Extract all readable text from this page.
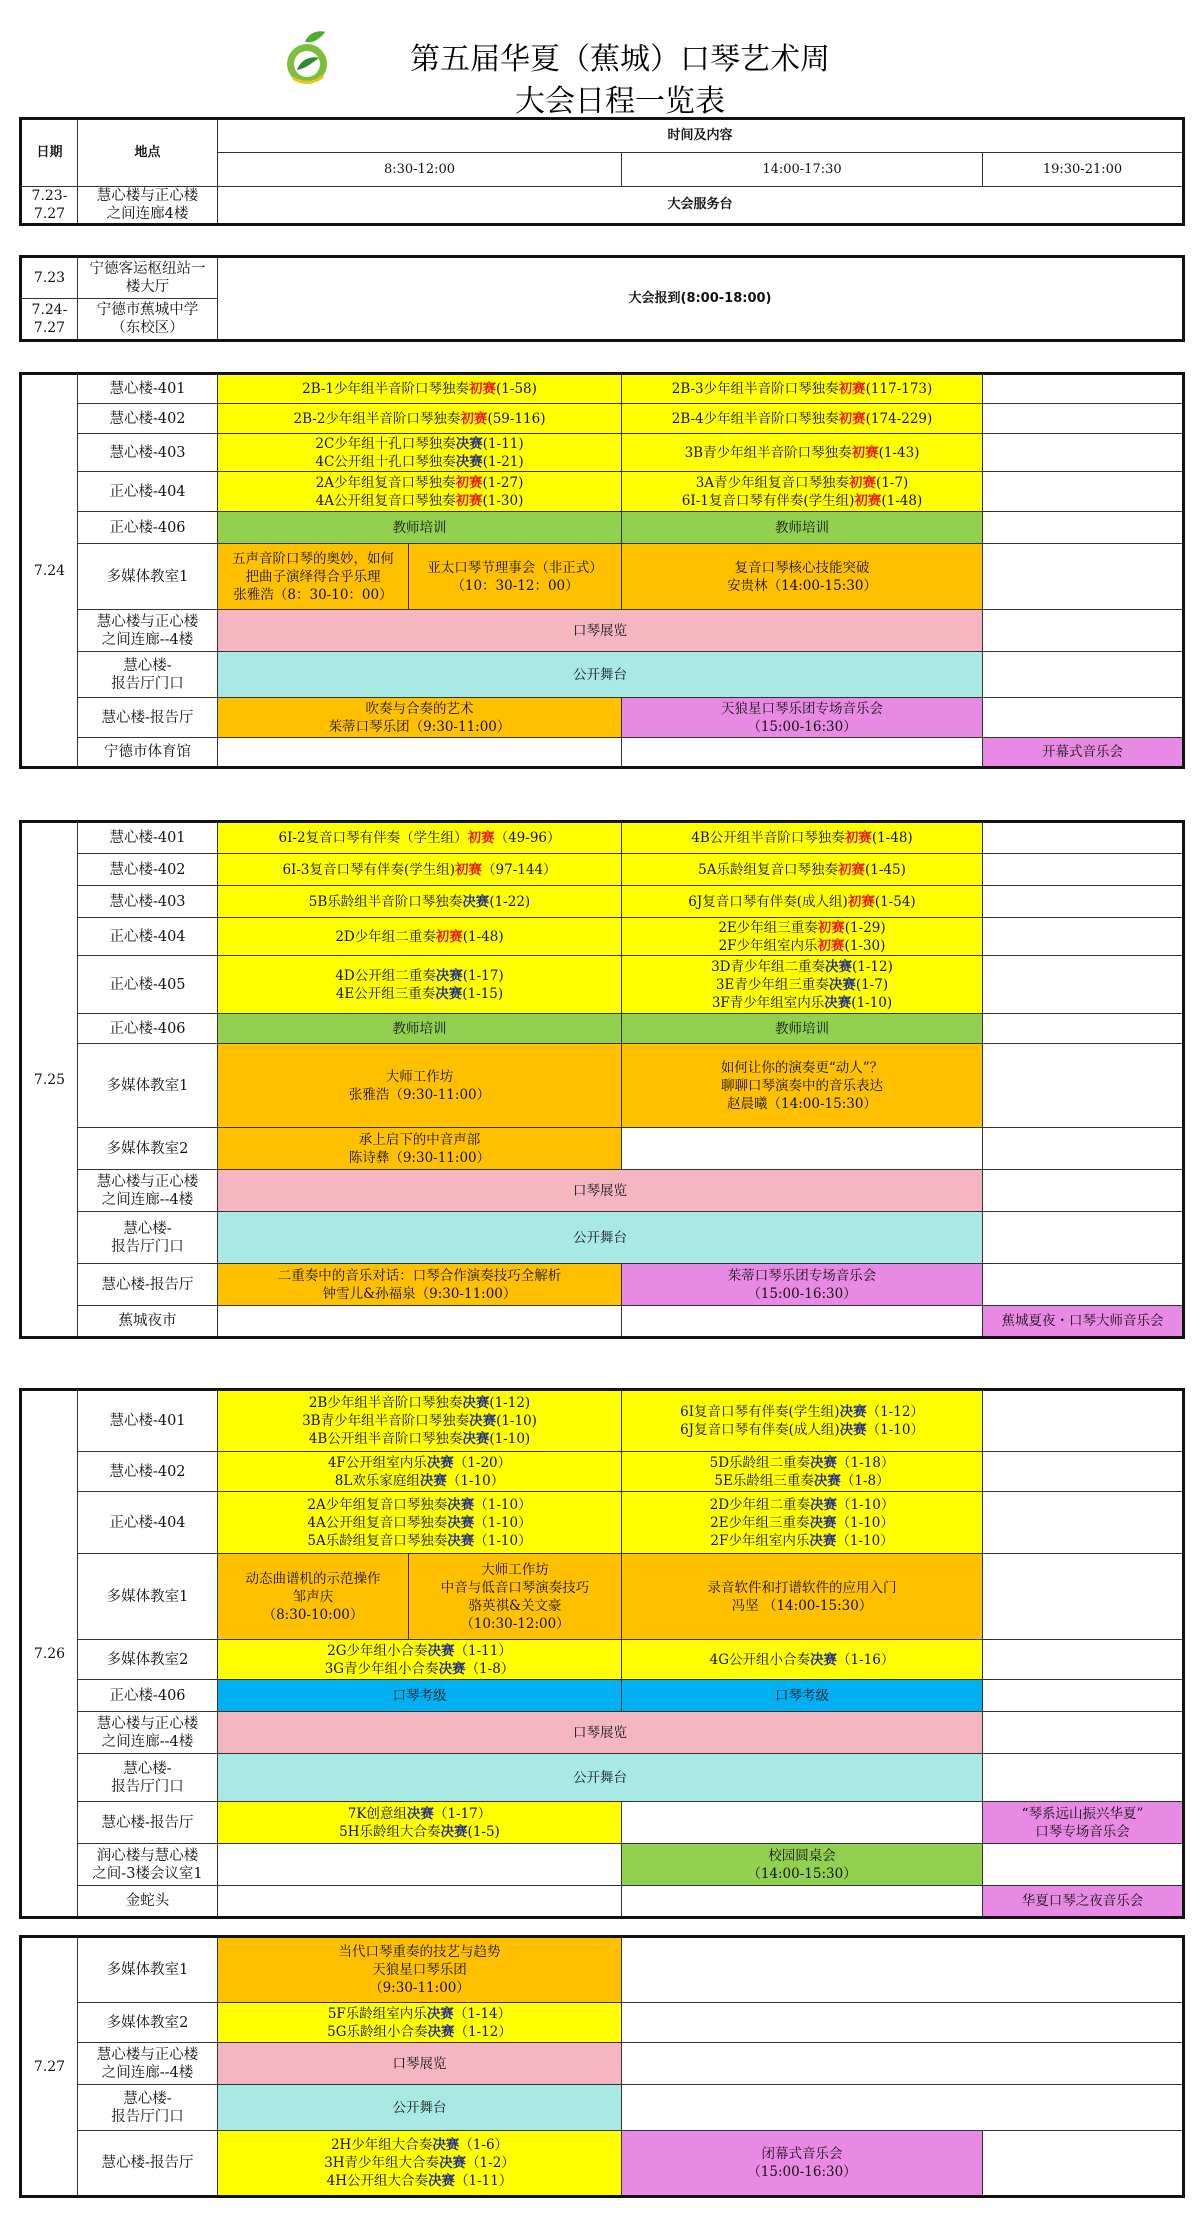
第五届华夏（蕉城）口琴艺术周
大会日程一览表
日期	地点	时间及内容		
		8:30-12:00	14:00-17:30	19:30-21:00
7.23-7.27	慧心楼与正心楼
之间连廊4楼	大会服务台		
7.23	宁德客运枢纽站一
楼大厅	大会报到(8:00-18:00)
7.24-7.27	宁德市蕉城中学
（东校区）	
7.24	慧心楼-401	2B-1少年组半音阶口琴独奏初赛(1-58)		2B-3少年组半音阶口琴独奏初赛(117-173)	

	慧心楼-402	2B-2少年组半音阶口琴独奏初赛(59-116)		2B-4少年组半音阶口琴独奏初赛(174-229)	

	慧心楼-403	2C少年组十孔口琴独奏决赛(1-11)
4C公开组十孔口琴独奏决赛(1-21)		3B青少年组半音阶口琴独奏初赛(1-43)	

	正心楼-404	2A少年组复音口琴独奏初赛(1-27)
4A公开组复音口琴独奏初赛(1-30)		3A青少年组复音口琴独奏初赛(1-7)
6I-1复音口琴有伴奏(学生组)初赛(1-48)	

	正心楼-406	教师培训		教师培训	

	多媒体教室1	五声音阶口琴的奥妙，如何
把曲子演绎得合乎乐理
张雅浩（8：30-10：00）	亚太口琴节理事会（非正式）
（10：30-12：00）	复音口琴核心技能突破
安贵林（14:00-15:30）	

	慧心楼与正心楼
之间连廊--4楼	口琴展览			

	慧心楼-
报告厅门口	公开舞台			

	慧心楼-报告厅	吹奏与合奏的艺术
茱蒂口琴乐团（9:30-11:00）		天狼星口琴乐团专场音乐会
（15:00-16:30）	

	宁德市体育馆				开幕式音乐会
7.25	慧心楼-401	6I-2复音口琴有伴奏（学生组）初赛（49-96）	4B公开组半音阶口琴独奏初赛(1-48)	

	慧心楼-402	6I-3复音口琴有伴奏(学生组)初赛（97-144）	5A乐龄组复音口琴独奏初赛(1-45)	

	慧心楼-403	5B乐龄组半音阶口琴独奏决赛(1-22)	6J复音口琴有伴奏(成人组)初赛(1-54)	

	正心楼-404	2D少年组二重奏初赛(1-48)	2E少年组三重奏初赛(1-29)
2F少年组室内乐初赛(1-30)	

	正心楼-405	4D公开组二重奏决赛(1-17)
4E公开组三重奏决赛(1-15)	3D青少年组二重奏决赛(1-12)
3E青少年组三重奏决赛(1-7)
3F青少年组室内乐决赛(1-10)	

	正心楼-406	教师培训	教师培训	

	多媒体教室1	大师工作坊
张雅浩（9:30-11:00）	如何让你的演奏更“动人”？
聊聊口琴演奏中的音乐表达
赵晨曦（14:00-15:30）	

	多媒体教室2	承上启下的中音声部
陈诗彝（9:30-11:00）		

	慧心楼与正心楼
之间连廊--4楼	口琴展览		

	慧心楼-
报告厅门口	公开舞台		

	慧心楼-报告厅	二重奏中的音乐对话：口琴合作演奏技巧全解析
钟雪儿&孙福泉（9:30-11:00）	茱蒂口琴乐团专场音乐会
（15:00-16:30）	

	蕉城夜市			蕉城夏夜・口琴大师音乐会
7.26	慧心楼-401	2B少年组半音阶口琴独奏决赛(1-12)
3B青少年组半音阶口琴独奏决赛(1-10)
4B公开组半音阶口琴独奏决赛(1-10)		6I复音口琴有伴奏(学生组)决赛（1-12）
6J复音口琴有伴奏(成人组)决赛（1-10）	

	慧心楼-402	4F公开组室内乐决赛（1-20）
8L欢乐家庭组决赛（1-10）		5D乐龄组二重奏决赛（1-18）
5E乐龄组三重奏决赛（1-8）	

	正心楼-404	2A少年组复音口琴独奏决赛（1-10）
4A公开组复音口琴独奏决赛（1-10）
5A乐龄组复音口琴独奏决赛（1-10）		2D少年组二重奏决赛（1-10）
2E少年组三重奏决赛（1-10）
2F少年组室内乐决赛（1-10）	

	多媒体教室1	动态曲谱机的示范操作
邹声庆
（8:30-10:00）	大师工作坊
中音与低音口琴演奏技巧
骆英祺&关文豪
（10:30-12:00）	录音软件和打谱软件的应用入门
冯坚 （14:00-15:30）	

	多媒体教室2	2G少年组小合奏决赛（1-11）
3G青少年组小合奏决赛（1-8）		4G公开组小合奏决赛（1-16）	

	正心楼-406	口琴考级		口琴考级	

	慧心楼与正心楼
之间连廊--4楼	口琴展览			

	慧心楼-
报告厅门口	公开舞台			

	慧心楼-报告厅	7K创意组决赛（1-17）
5H乐龄组大合奏决赛(1-5)			“琴系远山振兴华夏”
口琴专场音乐会

	润心楼与慧心楼
之间-3楼会议室1			校园圆桌会
（14:00-15:30）	

	金蛇头				华夏口琴之夜音乐会
7.27	多媒体教室1	当代口琴重奏的技艺与趋势
天狼星口琴乐团
（9:30-11:00）		

	多媒体教室2	5F乐龄组室内乐决赛（1-14）
5G乐龄组小合奏决赛（1-12）		

	慧心楼与正心楼
之间连廊--4楼	口琴展览		

	慧心楼-
报告厅门口	公开舞台		

	慧心楼-报告厅	2H少年组大合奏决赛（1-6）
3H青少年组大合奏决赛（1-2）
4H公开组大合奏决赛（1-11）	闭幕式音乐会
（15:00-16:30）	
